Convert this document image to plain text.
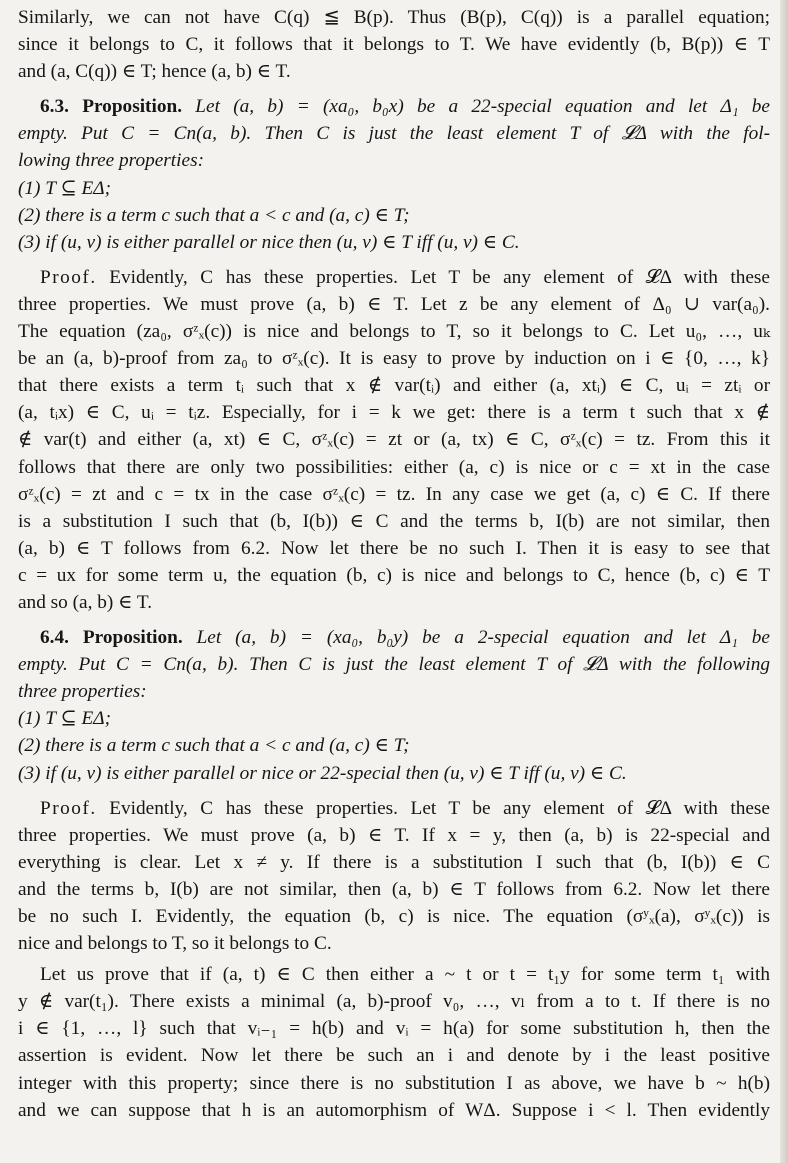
Similarly, we can not have C(q) ≦ B(p). Thus (B(p), C(q)) is a parallel equation;
since it belongs to C, it follows that it belongs to T. We have evidently (b, B(p)) ∈ T
and (a, C(q)) ∈ T; hence (a, b) ∈ T.

6.3. Proposition. Let (a, b) = (xa₀, b₀x) be a 22-special equation and let Δ₁ be
empty. Put C = Cn(a, b). Then C is just the least element T of 𝓛Δ with the fol-
lowing three properties:
(1) T ⊆ EΔ;
(2) there is a term c such that a < c and (a, c) ∈ T;
(3) if (u, v) is either parallel or nice then (u, v) ∈ T iff (u, v) ∈ C.

Proof. Evidently, C has these properties. Let T be any element of 𝓛Δ with these
three properties. We must prove (a, b) ∈ T. Let z be any element of Δ₀ ∪ var(a₀).
The equation (za₀, σᶻₓ(c)) is nice and belongs to T, so it belongs to C. Let u₀, …, uₖ
be an (a, b)-proof from za₀ to σᶻₓ(c). It is easy to prove by induction on i ∈ {0, …, k}
that there exists a term tᵢ such that x ∉ var(tᵢ) and either (a, xtᵢ) ∈ C, uᵢ = ztᵢ or
(a, tᵢx) ∈ C, uᵢ = tᵢz. Especially, for i = k we get: there is a term t such that x ∉
∉ var(t) and either (a, xt) ∈ C, σᶻₓ(c) = zt or (a, tx) ∈ C, σᶻₓ(c) = tz. From this it
follows that there are only two possibilities: either (a, c) is nice or c = xt in the case
σᶻₓ(c) = zt and c = tx in the case σᶻₓ(c) = tz. In any case we get (a, c) ∈ C. If there
is a substitution I such that (b, I(b)) ∈ C and the terms b, I(b) are not similar, then
(a, b) ∈ T follows from 6.2. Now let there be no such I. Then it is easy to see that
c = ux for some term u, the equation (b, c) is nice and belongs to C, hence (b, c) ∈ T
and so (a, b) ∈ T.

6.4. Proposition. Let (a, b) = (xa₀, b₀y) be a 2-special equation and let Δ₁ be
empty. Put C = Cn(a, b). Then C is just the least element T of 𝓛Δ with the following
three properties:
(1) T ⊆ EΔ;
(2) there is a term c such that a < c and (a, c) ∈ T;
(3) if (u, v) is either parallel or nice or 22-special then (u, v) ∈ T iff (u, v) ∈ C.

Proof. Evidently, C has these properties. Let T be any element of 𝓛Δ with these
three properties. We must prove (a, b) ∈ T. If x = y, then (a, b) is 22-special and
everything is clear. Let x ≠ y. If there is a substitution I such that (b, I(b)) ∈ C
and the terms b, I(b) are not similar, then (a, b) ∈ T follows from 6.2. Now let there
be no such I. Evidently, the equation (b, c) is nice. The equation (σʸₓ(a), σʸₓ(c)) is
nice and belongs to T, so it belongs to C.

Let us prove that if (a, t) ∈ C then either a ~ t or t = t₁y for some term t₁ with
y ∉ var(t₁). There exists a minimal (a, b)-proof v₀, …, vₗ from a to t. If there is no
i ∈ {1, …, l} such that vᵢ₋₁ = h(b) and vᵢ = h(a) for some substitution h, then the
assertion is evident. Now let there be such an i and denote by i the least positive
integer with this property; since there is no substitution I as above, we have b ~ h(b)
and we can suppose that h is an automorphism of WΔ. Suppose i < l. Then evidently
